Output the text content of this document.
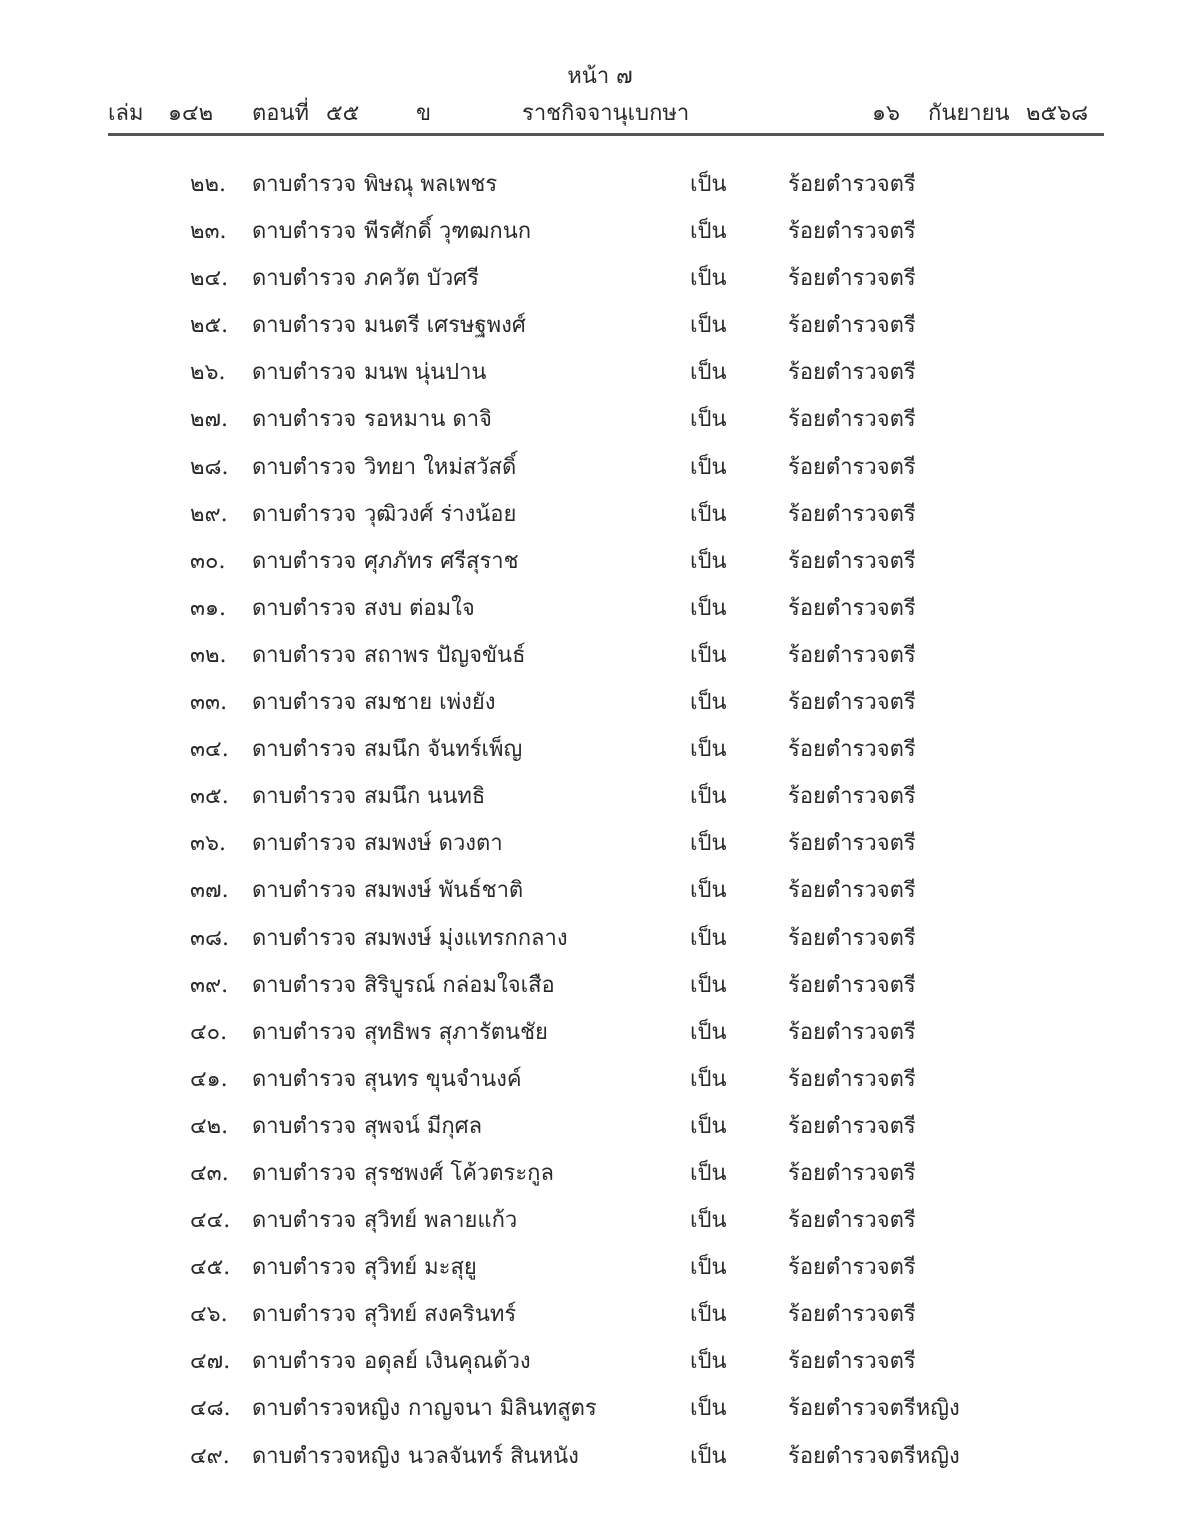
หน้า ๗
เล่ม ๑๔๒ ตอนที่ ๕๕	ข	ราชกิจจานุเบกษา	๑๖ กันยายน ๒๕๖๘
๒๒. ดาบตำรวจ พิษณุ พลเพชร	เป็น	ร้อยตำรวจตรี
๒๓. ดาบตำรวจ พีรศักดิ์ วุฑฒกนก	เป็น	ร้อยตำรวจตรี
๒๔. ดาบตำรวจ ภควัต บัวศรี	เป็น	ร้อยตำรวจตรี
๒๕. ดาบตำรวจ มนตรี เศรษฐพงศ์	เป็น	ร้อยตำรวจตรี
๒๖. ดาบตำรวจ มนพ นุ่นปาน	เป็น	ร้อยตำรวจตรี
๒๗. ดาบตำรวจ รอหมาน ดาจิ	เป็น	ร้อยตำรวจตรี
๒๘. ดาบตำรวจ วิทยา ใหม่สวัสดิ์	เป็น	ร้อยตำรวจตรี
๒๙. ดาบตำรวจ วุฒิวงศ์ ร่างน้อย	เป็น	ร้อยตำรวจตรี
๓๐. ดาบตำรวจ ศุภภัทร ศรีสุราช	เป็น	ร้อยตำรวจตรี
๓๑. ดาบตำรวจ สงบ ต่อมใจ	เป็น	ร้อยตำรวจตรี
๓๒. ดาบตำรวจ สถาพร ปัญจขันธ์	เป็น	ร้อยตำรวจตรี
๓๓. ดาบตำรวจ สมชาย เพ่งยัง	เป็น	ร้อยตำรวจตรี
๓๔. ดาบตำรวจ สมนึก จันทร์เพ็ญ	เป็น	ร้อยตำรวจตรี
๓๕. ดาบตำรวจ สมนึก นนทธิ	เป็น	ร้อยตำรวจตรี
๓๖. ดาบตำรวจ สมพงษ์ ดวงตา	เป็น	ร้อยตำรวจตรี
๓๗. ดาบตำรวจ สมพงษ์ พันธ์ชาติ	เป็น	ร้อยตำรวจตรี
๓๘. ดาบตำรวจ สมพงษ์ มุ่งแทรกกลาง	เป็น	ร้อยตำรวจตรี
๓๙. ดาบตำรวจ สิริบูรณ์ กล่อมใจเสือ	เป็น	ร้อยตำรวจตรี
๔๐. ดาบตำรวจ สุทธิพร สุภารัตนชัย	เป็น	ร้อยตำรวจตรี
๔๑. ดาบตำรวจ สุนทร ขุนจำนงค์	เป็น	ร้อยตำรวจตรี
๔๒. ดาบตำรวจ สุพจน์ มีกุศล	เป็น	ร้อยตำรวจตรี
๔๓. ดาบตำรวจ สุรชพงศ์ โค้วตระกูล	เป็น	ร้อยตำรวจตรี
๔๔. ดาบตำรวจ สุวิทย์ พลายแก้ว	เป็น	ร้อยตำรวจตรี
๔๕. ดาบตำรวจ สุวิทย์ มะสุยู	เป็น	ร้อยตำรวจตรี
๔๖. ดาบตำรวจ สุวิทย์ สงครินทร์	เป็น	ร้อยตำรวจตรี
๔๗. ดาบตำรวจ อดุลย์ เงินคุณด้วง	เป็น	ร้อยตำรวจตรี
๔๘. ดาบตำรวจหญิง กาญจนา มิลินทสูตร	เป็น	ร้อยตำรวจตรีหญิง
๔๙. ดาบตำรวจหญิง นวลจันทร์ สินหนัง	เป็น	ร้อยตำรวจตรีหญิง
